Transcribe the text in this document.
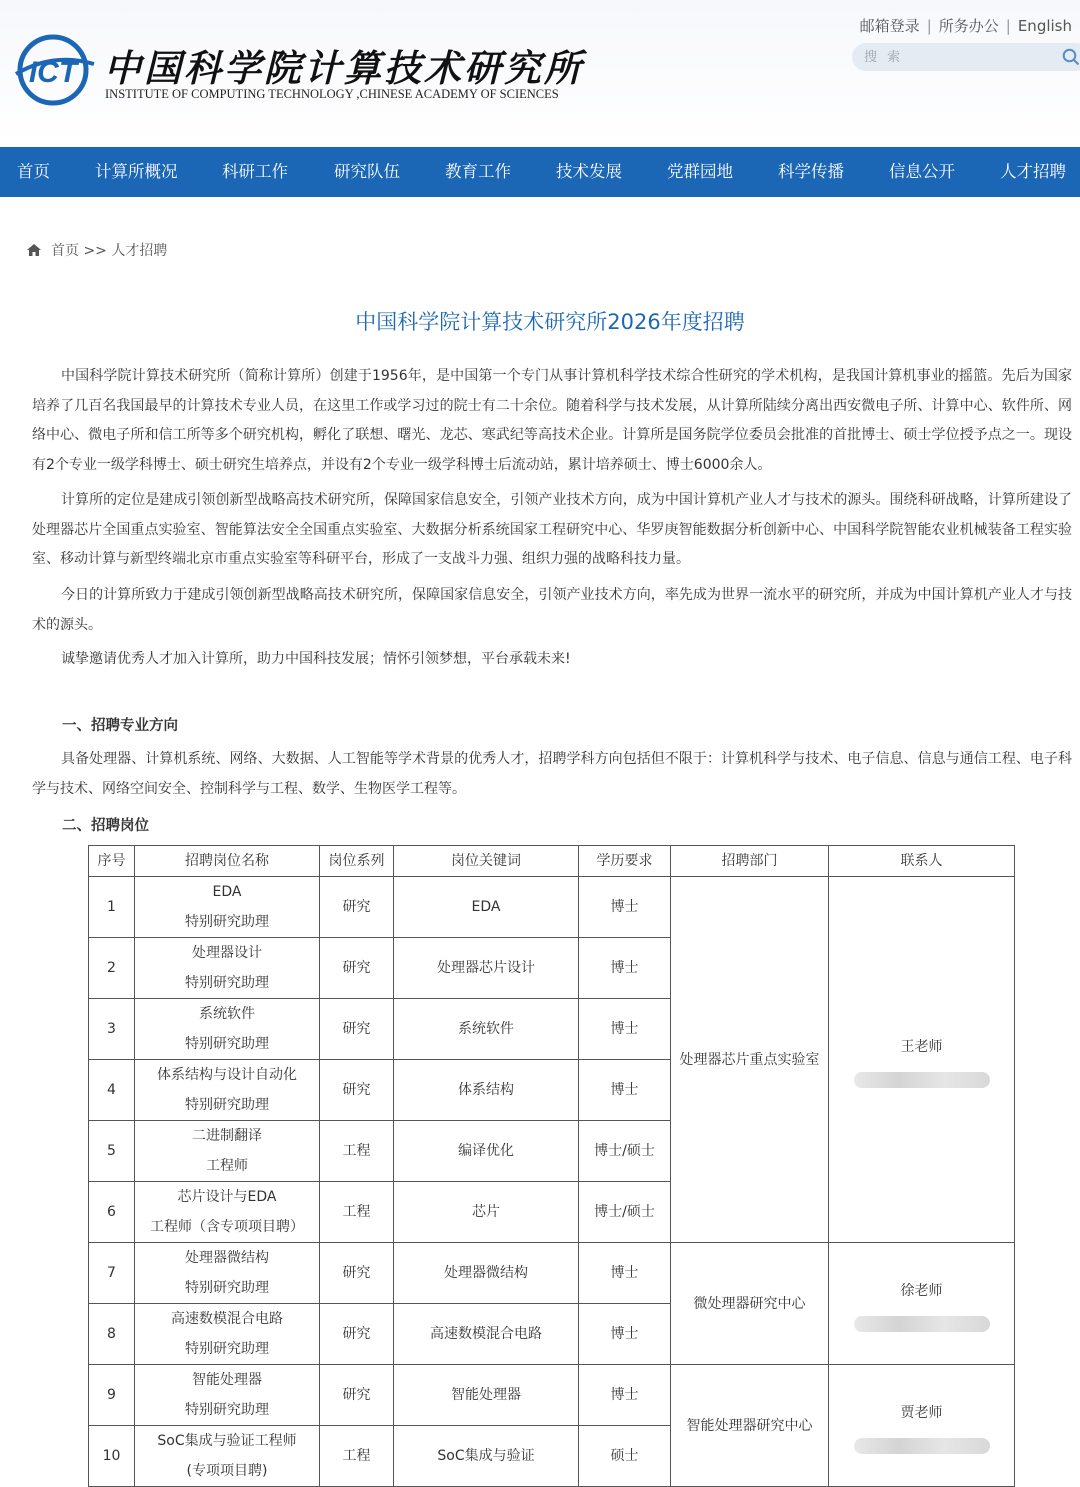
ICT 中国科学院计算技术研究所
INSTITUTE OF COMPUTING TECHNOLOGY ,CHINESE ACADEMY OF SCIENCES
邮箱登录 | 所务办公 | English
搜 索
首页	计算所概况	科研工作	研究队伍	教育工作	技术发展	党群园地	科学传播	信息公开	人才招聘
首页 >> 人才招聘
中国科学院计算技术研究所2026年度招聘
中国科学院计算技术研究所（简称计算所）创建于1956年，是中国第一个专门从事计算机科学技术综合性研究的学术机构，是我国计算机事业的摇篮。先后为国家培养了几百名我国最早的计算技术专业人员，在这里工作或学习过的院士有二十余位。随着科学与技术发展，从计算所陆续分离出西安微电子所、计算中心、软件所、网络中心、微电子所和信工所等多个研究机构，孵化了联想、曙光、龙芯、寒武纪等高技术企业。计算所是国务院学位委员会批准的首批博士、硕士学位授予点之一。现设有2个专业一级学科博士、硕士研究生培养点，并设有2个专业一级学科博士后流动站，累计培养硕士、博士6000余人。
计算所的定位是建成引领创新型战略高技术研究所，保障国家信息安全，引领产业技术方向，成为中国计算机产业人才与技术的源头。围绕科研战略，计算所建设了处理器芯片全国重点实验室、智能算法安全全国重点实验室、大数据分析系统国家工程研究中心、华罗庚智能数据分析创新中心、中国科学院智能农业机械装备工程实验室、移动计算与新型终端北京市重点实验室等科研平台，形成了一支战斗力强、组织力强的战略科技力量。
今日的计算所致力于建成引领创新型战略高技术研究所，保障国家信息安全，引领产业技术方向，率先成为世界一流水平的研究所，并成为中国计算机产业人才与技术的源头。
诚挚邀请优秀人才加入计算所，助力中国科技发展；情怀引领梦想，平台承载未来!
一、招聘专业方向
具备处理器、计算机系统、网络、大数据、人工智能等学术背景的优秀人才，招聘学科方向包括但不限于：计算机科学与技术、电子信息、信息与通信工程、电子科学与技术、网络空间安全、控制科学与工程、数学、生物医学工程等。
二、招聘岗位
序号	招聘岗位名称	岗位系列	岗位关键词	学历要求	招聘部门	联系人
1	EDA
特别研究助理	研究	EDA	博士	处理器芯片重点实验室	王老师

2	处理器设计
特别研究助理	研究	处理器芯片设计	博士		
3	系统软件
特别研究助理	研究	系统软件	博士		
4	体系结构与设计自动化
特别研究助理	研究	体系结构	博士		
5	二进制翻译
工程师	工程	编译优化	博士/硕士		
6	芯片设计与EDA
工程师（含专项项目聘）	工程	芯片	博士/硕士		
7	处理器微结构
特别研究助理	研究	处理器微结构	博士	微处理器研究中心	徐老师

8	高速数模混合电路
特别研究助理	研究	高速数模混合电路	博士		
9	智能处理器
特别研究助理	研究	智能处理器	博士	智能处理器研究中心	贾老师

10	SoC集成与验证工程师
(专项项目聘)	工程	SoC集成与验证	硕士		
